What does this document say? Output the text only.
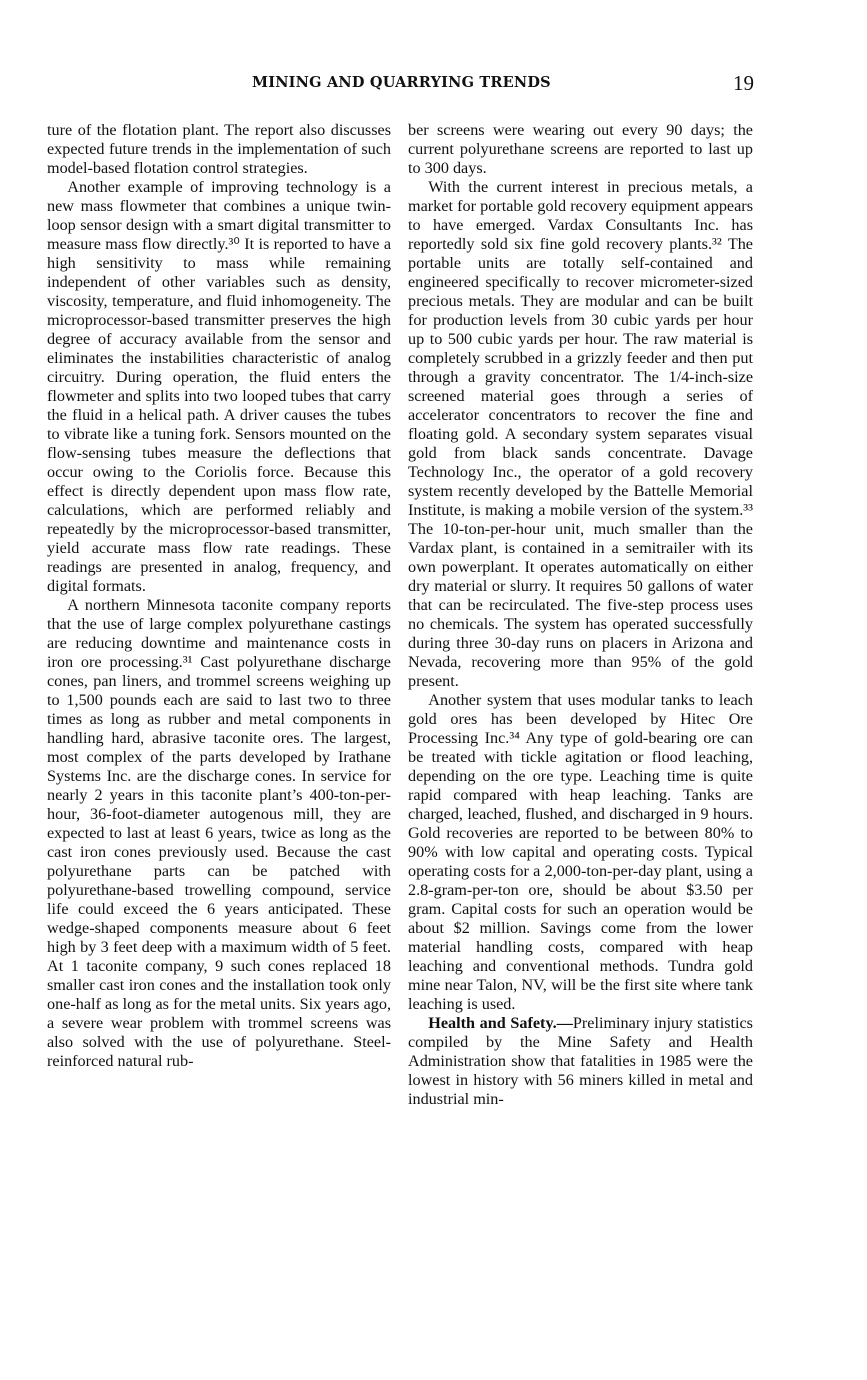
MINING AND QUARRYING TRENDS	19

ture of the flotation plant. The report also discusses expected future trends in the implementation of such model-based flotation control strategies.

Another example of improving technology is a new mass flowmeter that combines a unique twin-loop sensor design with a smart digital transmitter to measure mass flow directly.³⁰ It is reported to have a high sensitivity to mass while remaining independent of other variables such as density, viscosity, temperature, and fluid inhomogeneity. The microprocessor-based transmitter preserves the high degree of accuracy available from the sensor and eliminates the instabilities characteristic of analog circuitry. During operation, the fluid enters the flowmeter and splits into two looped tubes that carry the fluid in a helical path. A driver causes the tubes to vibrate like a tuning fork. Sensors mounted on the flow-sensing tubes measure the deflections that occur owing to the Coriolis force. Because this effect is directly dependent upon mass flow rate, calculations, which are performed reliably and repeatedly by the microprocessor-based transmitter, yield accurate mass flow rate readings. These readings are presented in analog, frequency, and digital formats.

A northern Minnesota taconite company reports that the use of large complex polyurethane castings are reducing downtime and maintenance costs in iron ore processing.³¹ Cast polyurethane discharge cones, pan liners, and trommel screens weighing up to 1,500 pounds each are said to last two to three times as long as rubber and metal components in handling hard, abrasive taconite ores. The largest, most complex of the parts developed by Irathane Systems Inc. are the discharge cones. In service for nearly 2 years in this taconite plant’s 400-ton-per-hour, 36-foot-diameter autogenous mill, they are expected to last at least 6 years, twice as long as the cast iron cones previously used. Because the cast polyurethane parts can be patched with polyurethane-based trowelling compound, service life could exceed the 6 years anticipated. These wedge-shaped components measure about 6 feet high by 3 feet deep with a maximum width of 5 feet. At 1 taconite company, 9 such cones replaced 18 smaller cast iron cones and the installation took only one-half as long as for the metal units. Six years ago, a severe wear problem with trommel screens was also solved with the use of polyurethane. Steel-reinforced natural rub-

ber screens were wearing out every 90 days; the current polyurethane screens are reported to last up to 300 days.

With the current interest in precious metals, a market for portable gold recovery equipment appears to have emerged. Vardax Consultants Inc. has reportedly sold six fine gold recovery plants.³² The portable units are totally self-contained and engineered specifically to recover micrometer-sized precious metals. They are modular and can be built for production levels from 30 cubic yards per hour up to 500 cubic yards per hour. The raw material is completely scrubbed in a grizzly feeder and then put through a gravity concentrator. The 1/4-inch-size screened material goes through a series of accelerator concentrators to recover the fine and floating gold. A secondary system separates visual gold from black sands concentrate. Davage Technology Inc., the operator of a gold recovery system recently developed by the Battelle Memorial Institute, is making a mobile version of the system.³³ The 10-ton-per-hour unit, much smaller than the Vardax plant, is contained in a semitrailer with its own powerplant. It operates automatically on either dry material or slurry. It requires 50 gallons of water that can be recirculated. The five-step process uses no chemicals. The system has operated successfully during three 30-day runs on placers in Arizona and Nevada, recovering more than 95% of the gold present.

Another system that uses modular tanks to leach gold ores has been developed by Hitec Ore Processing Inc.³⁴ Any type of gold-bearing ore can be treated with tickle agitation or flood leaching, depending on the ore type. Leaching time is quite rapid compared with heap leaching. Tanks are charged, leached, flushed, and discharged in 9 hours. Gold recoveries are reported to be between 80% to 90% with low capital and operating costs. Typical operating costs for a 2,000-ton-per-day plant, using a 2.8-gram-per-ton ore, should be about $3.50 per gram. Capital costs for such an operation would be about $2 million. Savings come from the lower material handling costs, compared with heap leaching and conventional methods. Tundra gold mine near Talon, NV, will be the first site where tank leaching is used.

Health and Safety.—Preliminary injury statistics compiled by the Mine Safety and Health Administration show that fatalities in 1985 were the lowest in history with 56 miners killed in metal and industrial min-
